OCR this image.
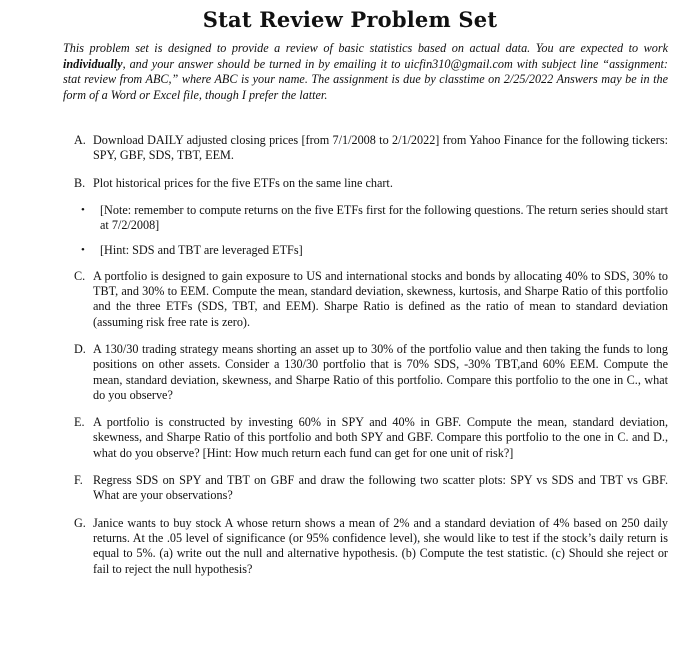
Stat Review Problem Set
This problem set is designed to provide a review of basic statistics based on actual data. You are expected to work individually, and your answer should be turned in by emailing it to uicfin310@gmail.com with subject line “assignment: stat review from ABC,” where ABC is your name. The assignment is due by classtime on 2/25/2022 Answers may be in the form of a Word or Excel file, though I prefer the latter.
A. Download DAILY adjusted closing prices [from 7/1/2008 to 2/1/2022] from Yahoo Finance for the following tickers: SPY, GBF, SDS, TBT, EEM.
B. Plot historical prices for the five ETFs on the same line chart.
•	[Note: remember to compute returns on the five ETFs first for the following questions. The return series should start at 7/2/2008]
•	[Hint: SDS and TBT are leveraged ETFs]
C. A portfolio is designed to gain exposure to US and international stocks and bonds by allocating 40% to SDS, 30% to TBT, and 30% to EEM. Compute the mean, standard deviation, skewness, kurtosis, and Sharpe Ratio of this portfolio and the three ETFs (SDS, TBT, and EEM). Sharpe Ratio is defined as the ratio of mean to standard deviation (assuming risk free rate is zero).
D. A 130/30 trading strategy means shorting an asset up to 30% of the portfolio value and then taking the funds to long positions on other assets. Consider a 130/30 portfolio that is 70% SDS, -30% TBT,and 60% EEM. Compute the mean, standard deviation, skewness, and Sharpe Ratio of this portfolio. Compare this portfolio to the one in C., what do you observe?
E. A portfolio is constructed by investing 60% in SPY and 40% in GBF. Compute the mean, standard deviation, skewness, and Sharpe Ratio of this portfolio and both SPY and GBF. Compare this portfolio to the one in C. and D., what do you observe? [Hint: How much return each fund can get for one unit of risk?]
F. Regress SDS on SPY and TBT on GBF and draw the following two scatter plots: SPY vs SDS and TBT vs GBF. What are your observations?
G. Janice wants to buy stock A whose return shows a mean of 2% and a standard deviation of 4% based on 250 daily returns. At the .05 level of significance (or 95% confidence level), she would like to test if the stock’s daily return is equal to 5%. (a) write out the null and alternative hypothesis. (b) Compute the test statistic. (c) Should she reject or fail to reject the null hypothesis?
